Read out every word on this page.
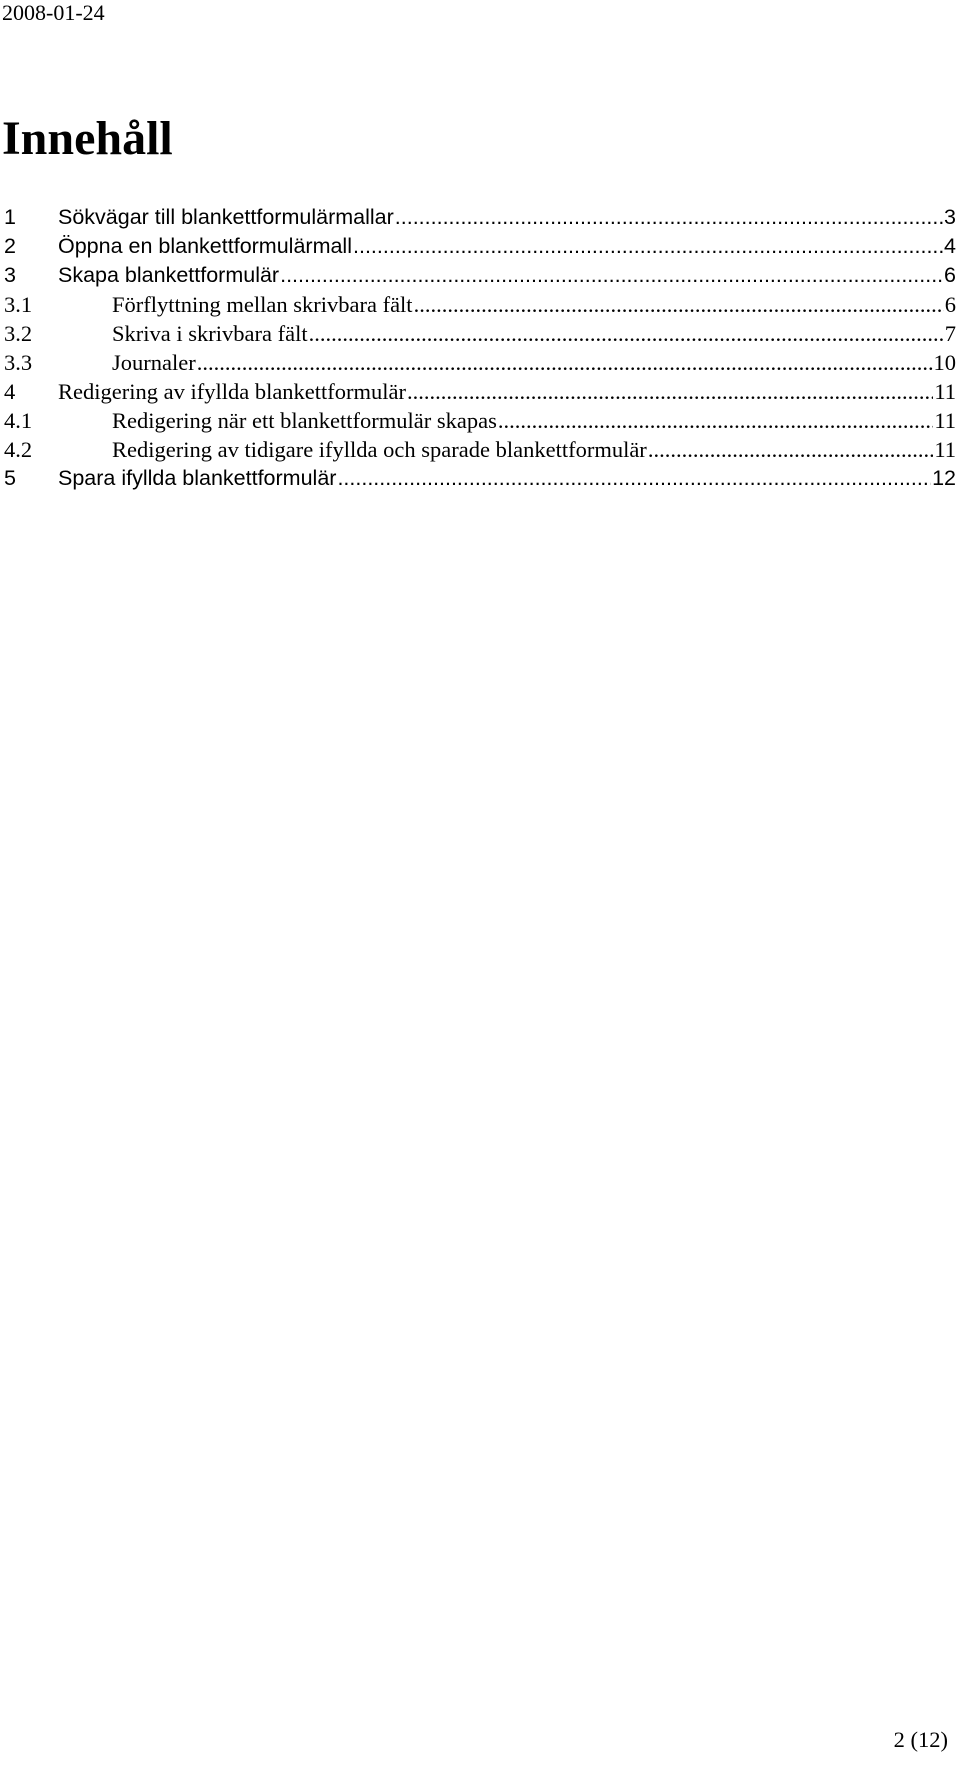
2008-01-24
Innehåll
1	Sökvägar till blankettformulärmallar .....	3
2	Öppna en blankettformulärmall .....	4
3	Skapa blankettformulär .....	6
3.1	Förflyttning mellan skrivbara fält .....	6
3.2	Skriva i skrivbara fält .....	7
3.3	Journaler .....	10
4	Redigering av ifyllda blankettformulär .....	11
4.1	Redigering när ett blankettformulär skapas .....	11
4.2	Redigering av tidigare ifyllda och sparade blankettformulär .....	11
5	Spara ifyllda blankettformulär .....	12
2 (12)
